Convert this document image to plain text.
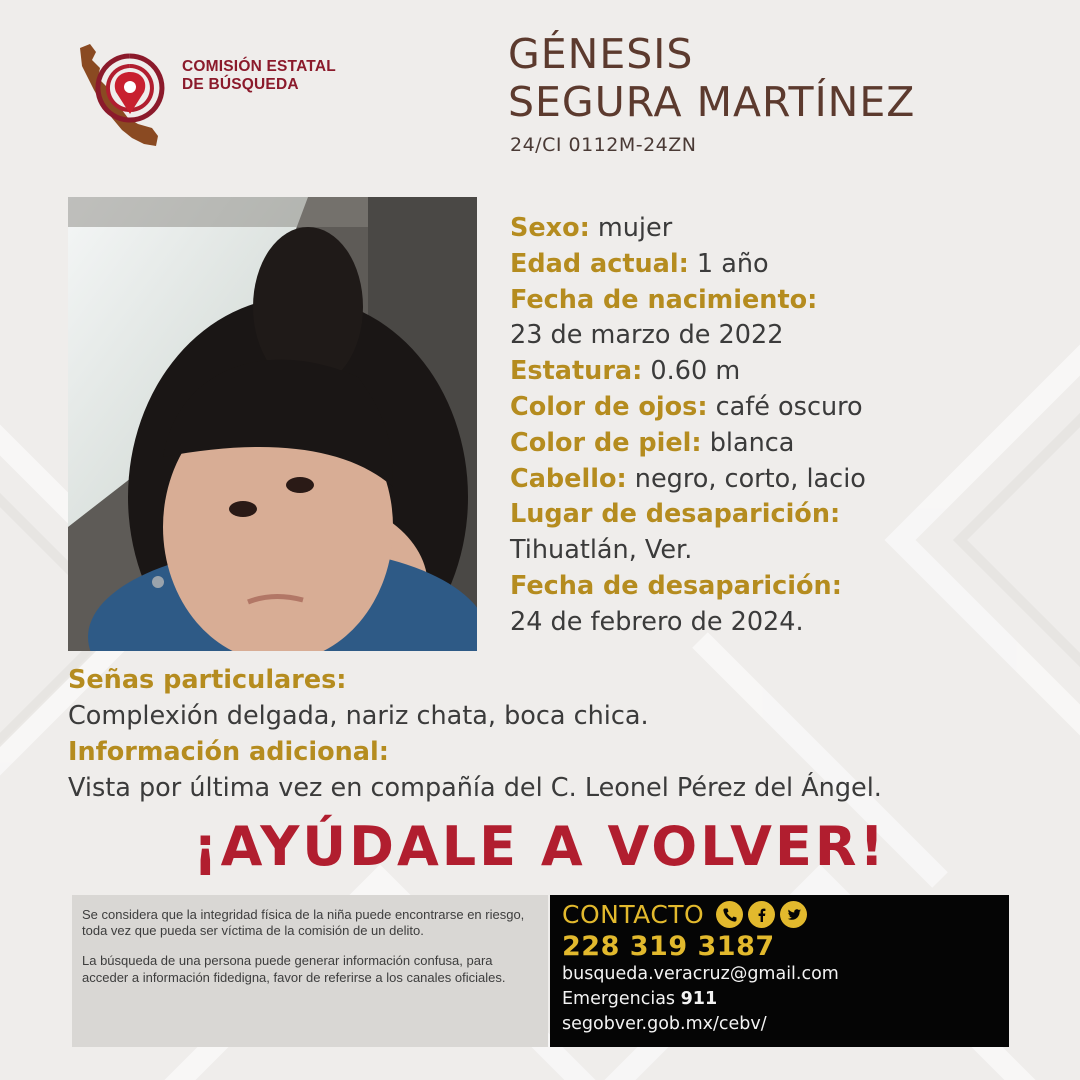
COMISIÓN ESTATAL
DE BÚSQUEDA
GÉNESIS
SEGURA MARTÍNEZ
24/CI 0112M-24ZN
Sexo: mujer
Edad actual: 1 año
Fecha de nacimiento:
23 de marzo de 2022
Estatura: 0.60 m
Color de ojos: café oscuro
Color de piel: blanca
Cabello: negro, corto, lacio
Lugar de desaparición:
Tihuatlán, Ver.
Fecha de desaparición:
24 de febrero de 2024.
Señas particulares:
Complexión delgada, nariz chata, boca chica.
Información adicional:
Vista por última vez en compañía del C. Leonel Pérez del Ángel.
¡AYÚDALE A VOLVER!

Se considera que la integridad física de la niña puede encontrarse en riesgo, toda vez que pueda ser víctima de la comisión de un delito.

La búsqueda de una persona puede generar información confusa, para acceder a información fidedigna, favor de referirse a los canales oficiales.

CONTACTO
228 319 3187
busqueda.veracruz@gmail.com
Emergencias 911
segobver.gob.mx/cebv/
